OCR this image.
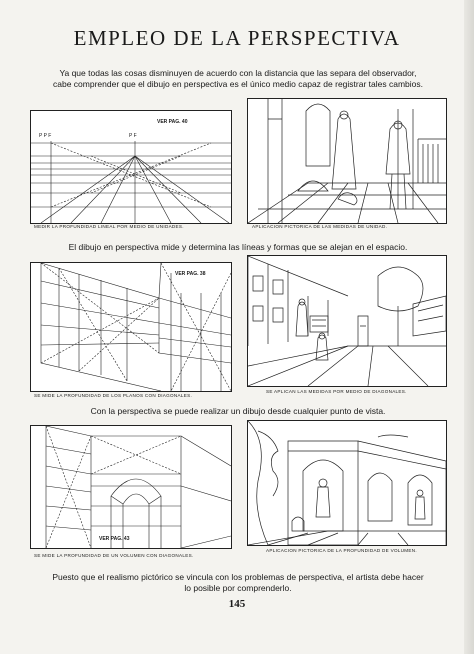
EMPLEO DE LA PERSPECTIVA
Ya que todas las cosas disminuyen de acuerdo con la distancia que las separa del observador,
cabe comprender que el dibujo en perspectiva es el único medio capaz de registrar tales cambios.
VER PAG. 40
P P F	P F
MEDIR LA PROFUNDIDAD LINEAL POR MEDIO DE UNIDADES.	APLICACION PICTORICA DE LAS MEDIDAS DE UNIDAD.
El dibujo en perspectiva mide y determina las líneas y formas que se alejan en el espacio.
VER PAG. 38
SE MIDE LA PROFUNDIDAD DE LOS PLANOS CON DIAGONALES.
SE APLICAN LAS MEDIDAS POR MEDIO DE DIAGONALES.
Con la perspectiva se puede realizar un dibujo desde cualquier punto de vista.
VER PAG. 43
SE MIDE LA PROFUNDIDAD DE UN VOLUMEN CON DIAGONALES.
APLICACION PICTORICA DE LA PROFUNDIDAD DE VOLUMEN.
Puesto que el realismo pictórico se vincula con los problemas de perspectiva, el artista debe hacer
lo posible por comprenderlo.
145
